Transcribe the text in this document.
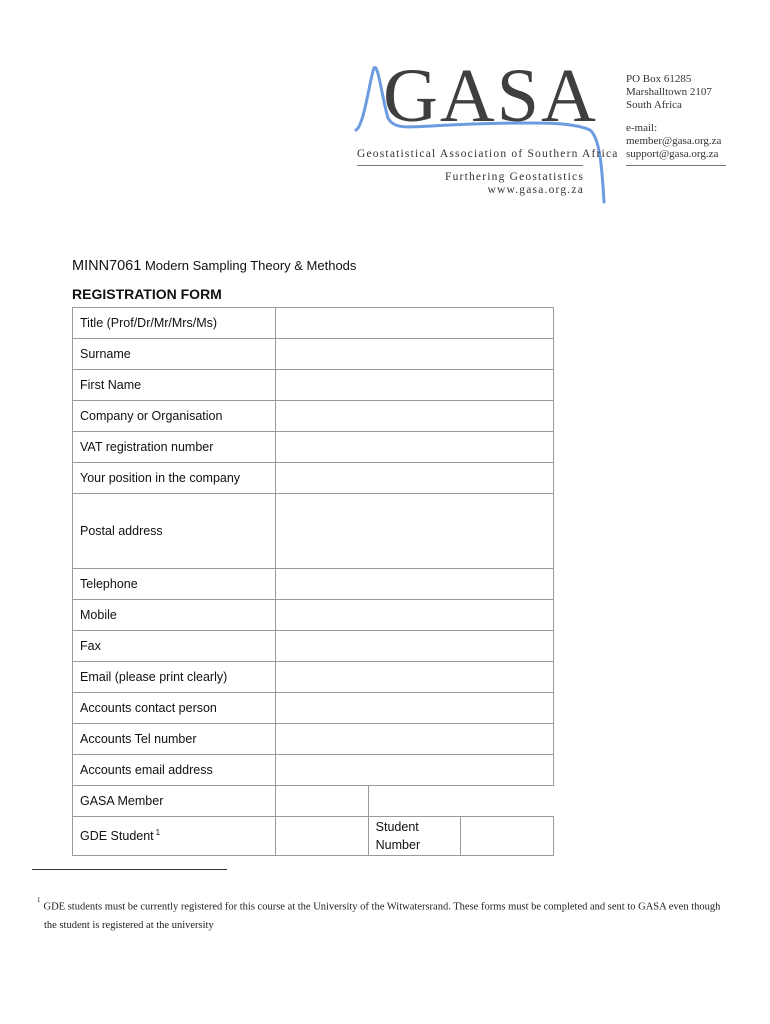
GASA
Geostatistical Association of Southern Africa
Furthering Geostatistics
www.gasa.org.za
PO Box 61285
Marshalltown 2107
South Africa
e-mail:
member@gasa.org.za
support@gasa.org.za
MINN7061 Modern Sampling Theory & Methods
REGISTRATION FORM
Title (Prof/Dr/Mr/Mrs/Ms)			
Surname			
First Name			
Company or Organisation			
VAT registration number			
Your position in the company			
Postal address			
Telephone			
Mobile			
Fax			
Email (please print clearly)			
Accounts contact person			
Accounts Tel number			
Accounts email address			
GASA Member			
GDE Student $^1$		Student
Number	

$^1$GDE students must be currently registered for this course at the University of the Witwatersrand. These forms must be completed and sent to GASA even though the student is registered at the university
